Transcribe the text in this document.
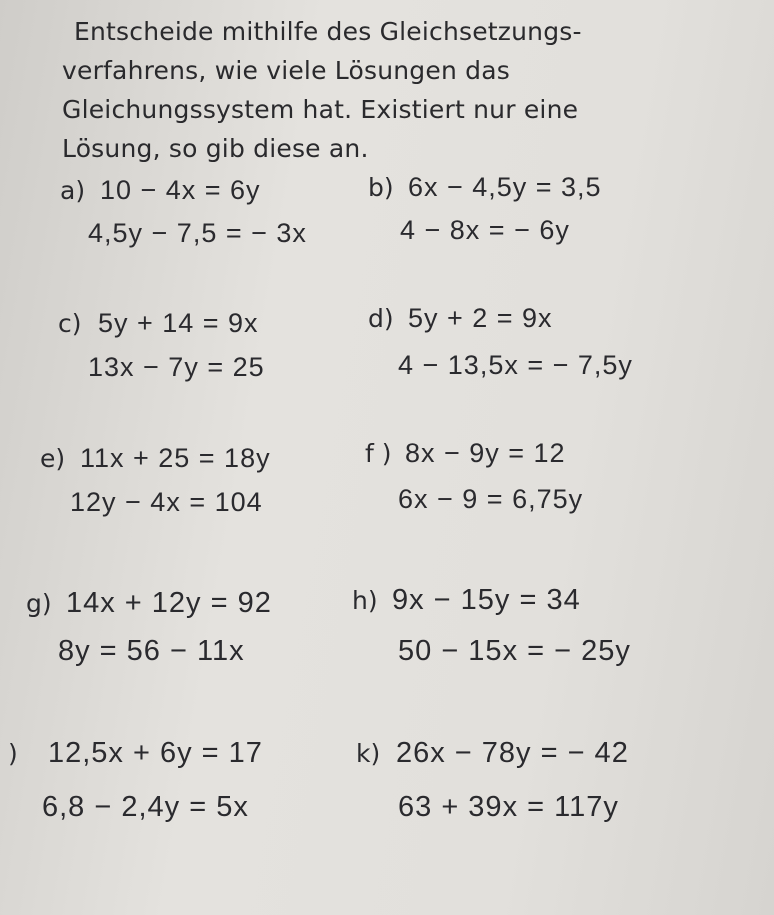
Entscheide mithilfe des Gleichsetzungs-
verfahrens, wie viele Lösungen das
Gleichungssystem hat. Existiert nur eine
Lösung, so gib diese an.
a) 10 − 4x = 6y
4,5y − 7,5 = − 3x
b) 6x − 4,5y = 3,5
4 − 8x = − 6y
c) 5y + 14 = 9x
13x − 7y = 25
d) 5y + 2 = 9x
4 − 13,5x = − 7,5y
e) 11x + 25 = 18y
12y − 4x = 104
f ) 8x − 9y = 12
6x − 9 = 6,75y
g) 14x + 12y = 92
8y = 56 − 11x
h) 9x − 15y = 34
50 − 15x = − 25y
) 12,5x + 6y = 17
6,8 − 2,4y = 5x
k) 26x − 78y = − 42
63 + 39x = 117y
